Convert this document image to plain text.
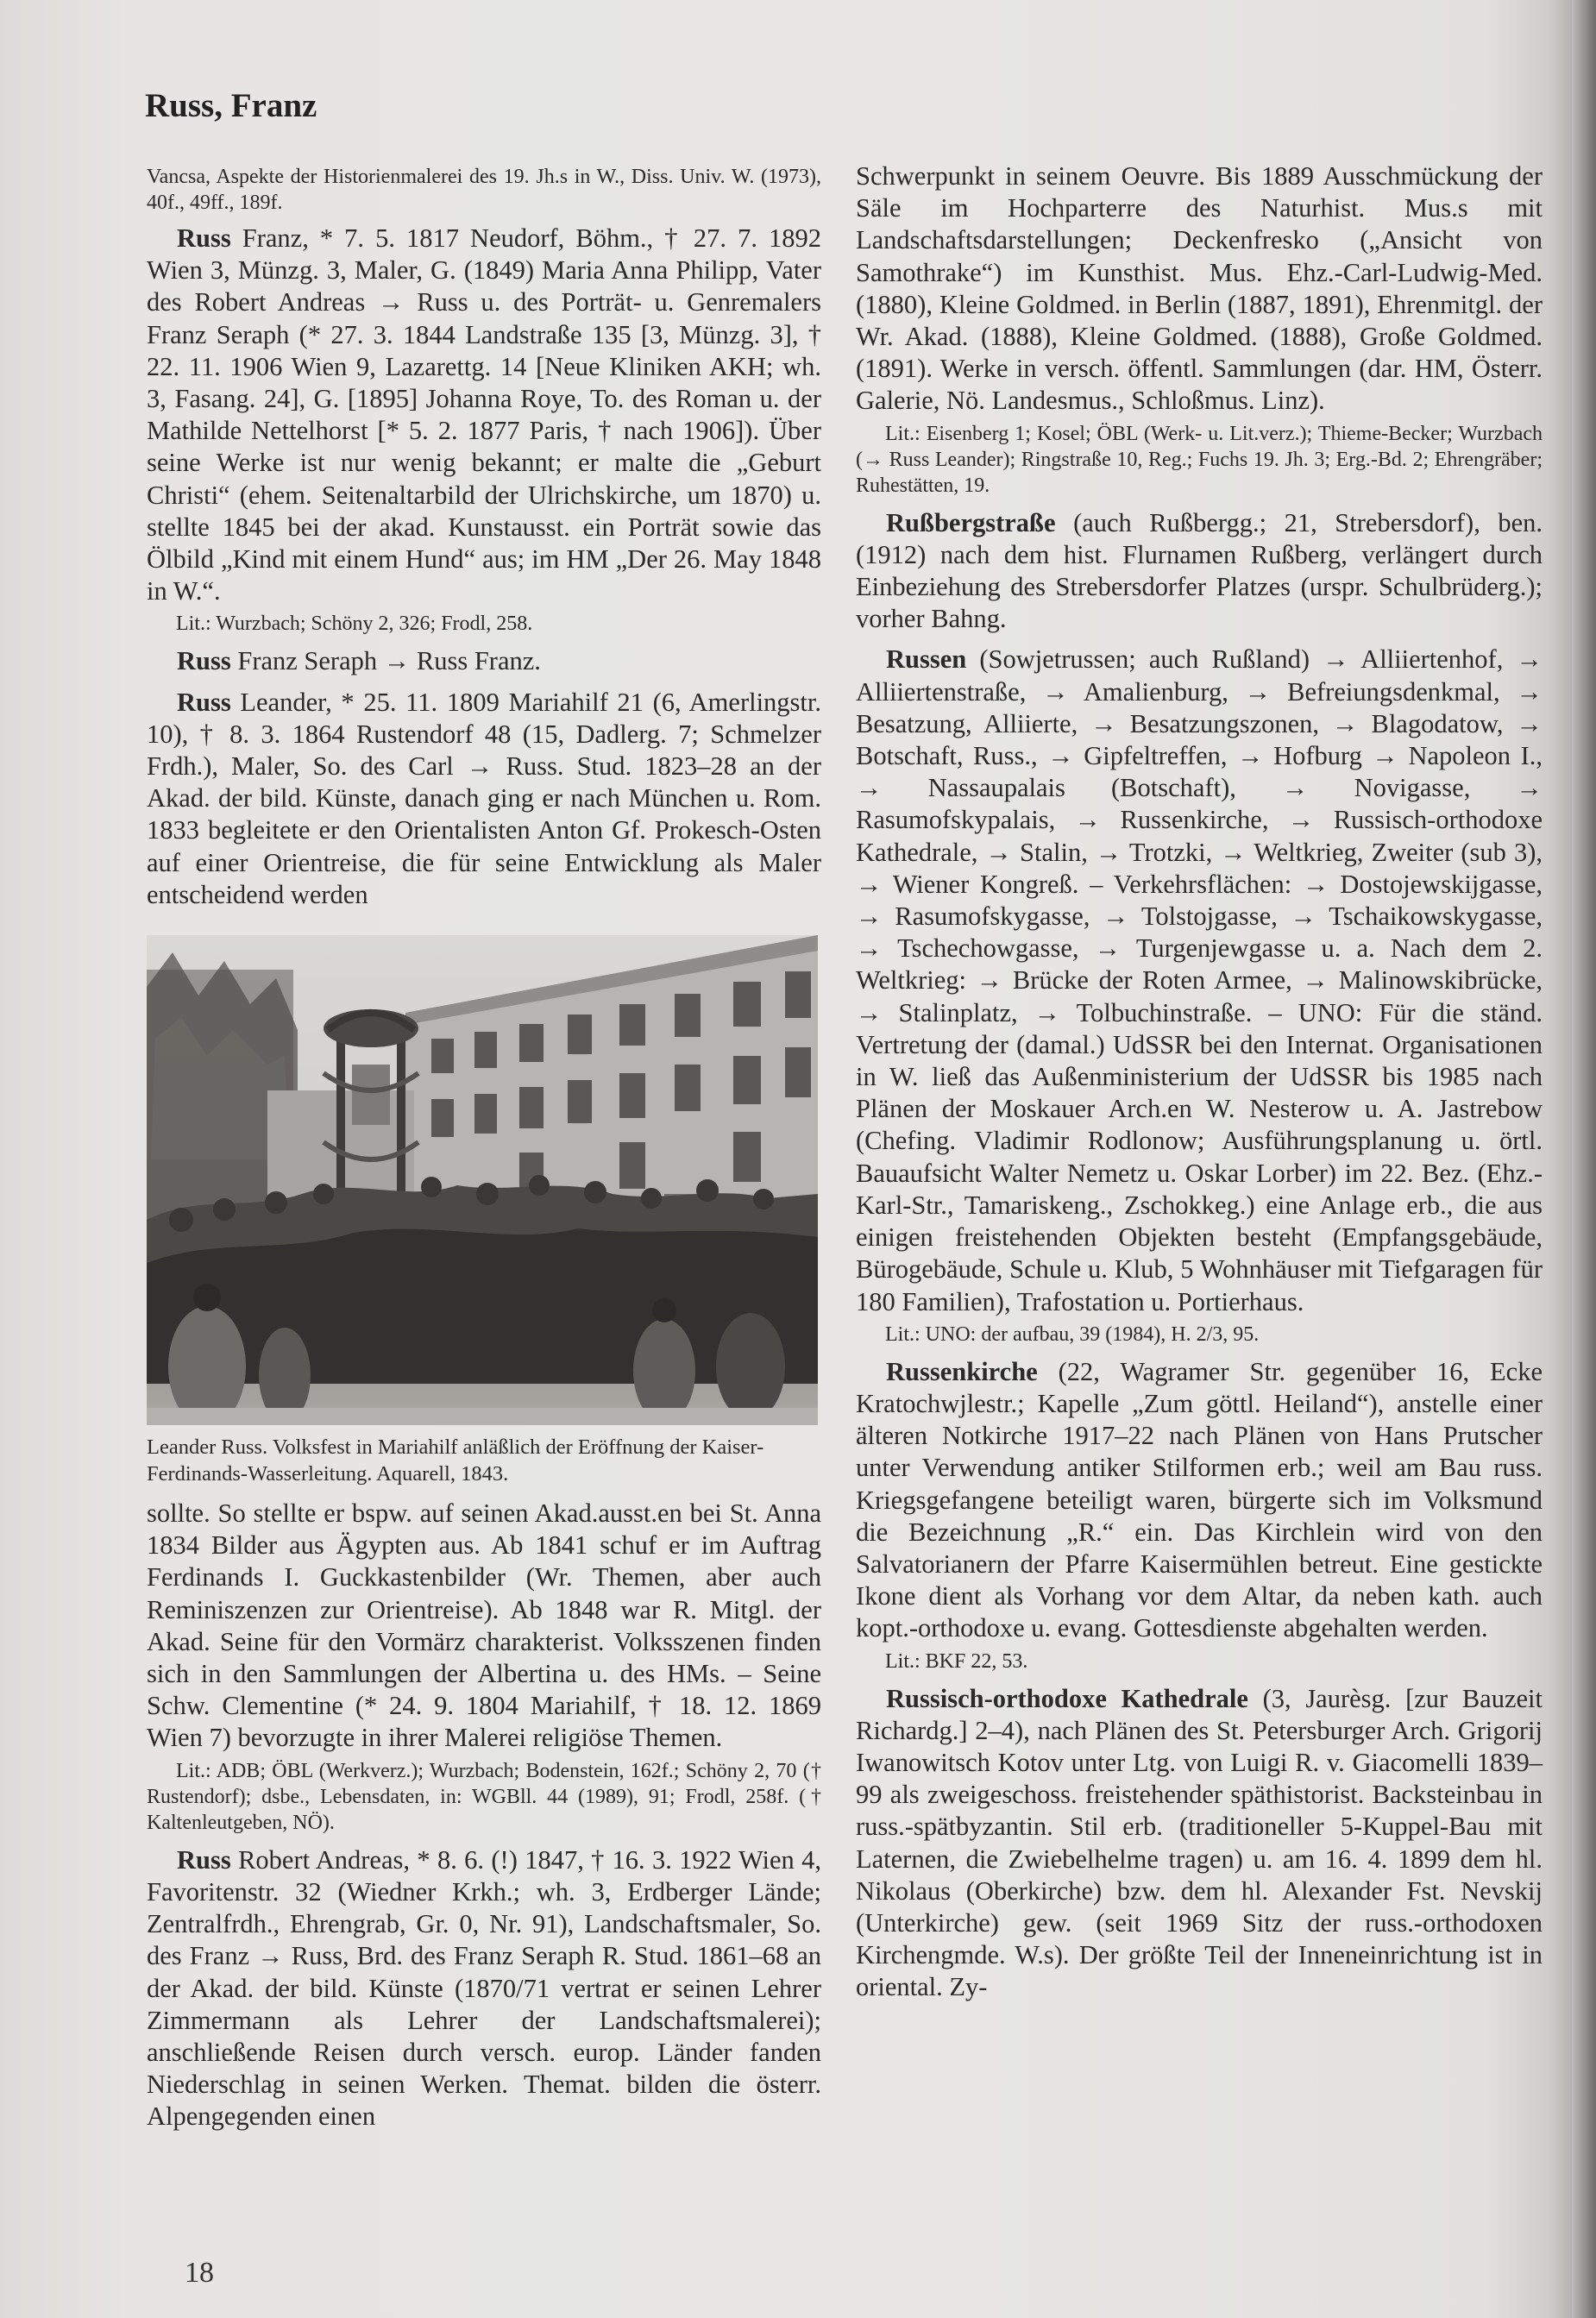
Russ, Franz

Vancsa, Aspekte der Historienmalerei des 19. Jh.s in W., Diss. Univ. W. (1973), 40f., 49ff., 189f.

Russ Franz, * 7. 5. 1817 Neudorf, Böhm., † 27. 7. 1892 Wien 3, Münzg. 3, Maler, G. (1849) Maria Anna Philipp, Vater des Robert Andreas → Russ u. des Porträt- u. Genremalers Franz Seraph (* 27. 3. 1844 Landstraße 135 [3, Münzg. 3], † 22. 11. 1906 Wien 9, Lazarettg. 14 [Neue Kliniken AKH; wh. 3, Fasang. 24], G. [1895] Johanna Roye, To. des Roman u. der Mathilde Nettelhorst [* 5. 2. 1877 Paris, † nach 1906]). Über seine Werke ist nur wenig bekannt; er malte die „Geburt Christi“ (ehem. Seitenaltarbild der Ulrichskirche, um 1870) u. stellte 1845 bei der akad. Kunstausst. ein Porträt sowie das Ölbild „Kind mit einem Hund“ aus; im HM „Der 26. May 1848 in W.“.

Lit.: Wurzbach; Schöny 2, 326; Frodl, 258.

Russ Franz Seraph → Russ Franz.

Russ Leander, * 25. 11. 1809 Mariahilf 21 (6, Amerlingstr. 10), † 8. 3. 1864 Rustendorf 48 (15, Dadlerg. 7; Schmelzer Frdh.), Maler, So. des Carl → Russ. Stud. 1823–28 an der Akad. der bild. Künste, danach ging er nach München u. Rom. 1833 begleitete er den Orientalisten Anton Gf. Prokesch-Osten auf einer Orientreise, die für seine Entwicklung als Maler entscheidend werden

Leander Russ. Volksfest in Mariahilf anläßlich der Eröffnung der Kaiser-Ferdinands-Wasserleitung. Aquarell, 1843.

sollte. So stellte er bspw. auf seinen Akad.ausst.en bei St. Anna 1834 Bilder aus Ägypten aus. Ab 1841 schuf er im Auftrag Ferdinands I. Guckkastenbilder (Wr. Themen, aber auch Reminiszenzen zur Orientreise). Ab 1848 war R. Mitgl. der Akad. Seine für den Vormärz charakterist. Volksszenen finden sich in den Sammlungen der Albertina u. des HMs. – Seine Schw. Clementine (* 24. 9. 1804 Mariahilf, † 18. 12. 1869 Wien 7) bevorzugte in ihrer Malerei religiöse Themen.

Lit.: ADB; ÖBL (Werkverz.); Wurzbach; Bodenstein, 162f.; Schöny 2, 70 († Rustendorf); dsbe., Lebensdaten, in: WGBll. 44 (1989), 91; Frodl, 258f. († Kaltenleutgeben, NÖ).

Russ Robert Andreas, * 8. 6. (!) 1847, † 16. 3. 1922 Wien 4, Favoritenstr. 32 (Wiedner Krkh.; wh. 3, Erdberger Lände; Zentralfrdh., Ehrengrab, Gr. 0, Nr. 91), Landschaftsmaler, So. des Franz → Russ, Brd. des Franz Seraph R. Stud. 1861–68 an der Akad. der bild. Künste (1870/71 vertrat er seinen Lehrer Zimmermann als Lehrer der Landschaftsmalerei); anschließende Reisen durch versch. europ. Länder fanden Niederschlag in seinen Werken. Themat. bilden die österr. Alpengegenden einen

Schwerpunkt in seinem Oeuvre. Bis 1889 Ausschmückung der Säle im Hochparterre des Naturhist. Mus.s mit Landschaftsdarstellungen; Deckenfresko („Ansicht von Samothrake“) im Kunsthist. Mus. Ehz.-Carl-Ludwig-Med. (1880), Kleine Goldmed. in Berlin (1887, 1891), Ehrenmitgl. der Wr. Akad. (1888), Kleine Goldmed. (1888), Große Goldmed. (1891). Werke in versch. öffentl. Sammlungen (dar. HM, Österr. Galerie, Nö. Landesmus., Schloßmus. Linz).

Lit.: Eisenberg 1; Kosel; ÖBL (Werk- u. Lit.verz.); Thieme-Becker; Wurzbach (→ Russ Leander); Ringstraße 10, Reg.; Fuchs 19. Jh. 3; Erg.-Bd. 2; Ehrengräber; Ruhestätten, 19.

Rußbergstraße (auch Rußbergg.; 21, Strebersdorf), ben. (1912) nach dem hist. Flurnamen Rußberg, verlängert durch Einbeziehung des Strebersdorfer Platzes (urspr. Schulbrüderg.); vorher Bahng.

Russen (Sowjetrussen; auch Rußland) → Alliiertenhof, → Alliiertenstraße, → Amalienburg, → Befreiungsdenkmal, → Besatzung, Alliierte, → Besatzungszonen, → Blagodatow, → Botschaft, Russ., → Gipfeltreffen, → Hofburg → Napoleon I., → Nassaupalais (Botschaft), → Novigasse, → Rasumofskypalais, → Russenkirche, → Russisch-orthodoxe Kathedrale, → Stalin, → Trotzki, → Weltkrieg, Zweiter (sub 3), → Wiener Kongreß. – Verkehrsflächen: → Dostojewskijgasse, → Rasumofskygasse, → Tolstojgasse, → Tschaikowskygasse, → Tschechowgasse, → Turgenjewgasse u. a. Nach dem 2. Weltkrieg: → Brücke der Roten Armee, → Malinowskibrücke, → Stalinplatz, → Tolbuchinstraße. – UNO: Für die ständ. Vertretung der (damal.) UdSSR bei den Internat. Organisationen in W. ließ das Außenministerium der UdSSR bis 1985 nach Plänen der Moskauer Arch.en W. Nesterow u. A. Jastrebow (Chefing. Vladimir Rodlonow; Ausführungsplanung u. örtl. Bauaufsicht Walter Nemetz u. Oskar Lorber) im 22. Bez. (Ehz.-Karl-Str., Tamariskeng., Zschokkeg.) eine Anlage erb., die aus einigen freistehenden Objekten besteht (Empfangsgebäude, Bürogebäude, Schule u. Klub, 5 Wohnhäuser mit Tiefgaragen für 180 Familien), Trafostation u. Portierhaus.

Lit.: UNO: der aufbau, 39 (1984), H. 2/3, 95.

Russenkirche (22, Wagramer Str. gegenüber 16, Ecke Kratochwjlestr.; Kapelle „Zum göttl. Heiland“), anstelle einer älteren Notkirche 1917–22 nach Plänen von Hans Prutscher unter Verwendung antiker Stilformen erb.; weil am Bau russ. Kriegsgefangene beteiligt waren, bürgerte sich im Volksmund die Bezeichnung „R.“ ein. Das Kirchlein wird von den Salvatorianern der Pfarre Kaisermühlen betreut. Eine gestickte Ikone dient als Vorhang vor dem Altar, da neben kath. auch kopt.-orthodoxe u. evang. Gottesdienste abgehalten werden.

Lit.: BKF 22, 53.

Russisch-orthodoxe Kathedrale (3, Jaurèsg. [zur Bauzeit Richardg.] 2–4), nach Plänen des St. Petersburger Arch. Grigorij Iwanowitsch Kotov unter Ltg. von Luigi R. v. Giacomelli 1839–99 als zweigeschoss. freistehender späthistorist. Backsteinbau in russ.-spätbyzantin. Stil erb. (traditioneller 5-Kuppel-Bau mit Laternen, die Zwiebelhelme tragen) u. am 16. 4. 1899 dem hl. Nikolaus (Oberkirche) bzw. dem hl. Alexander Fst. Nevskij (Unterkirche) gew. (seit 1969 Sitz der russ.-orthodoxen Kirchengmde. W.s). Der größte Teil der Inneneinrichtung ist in oriental. Zy-

18
